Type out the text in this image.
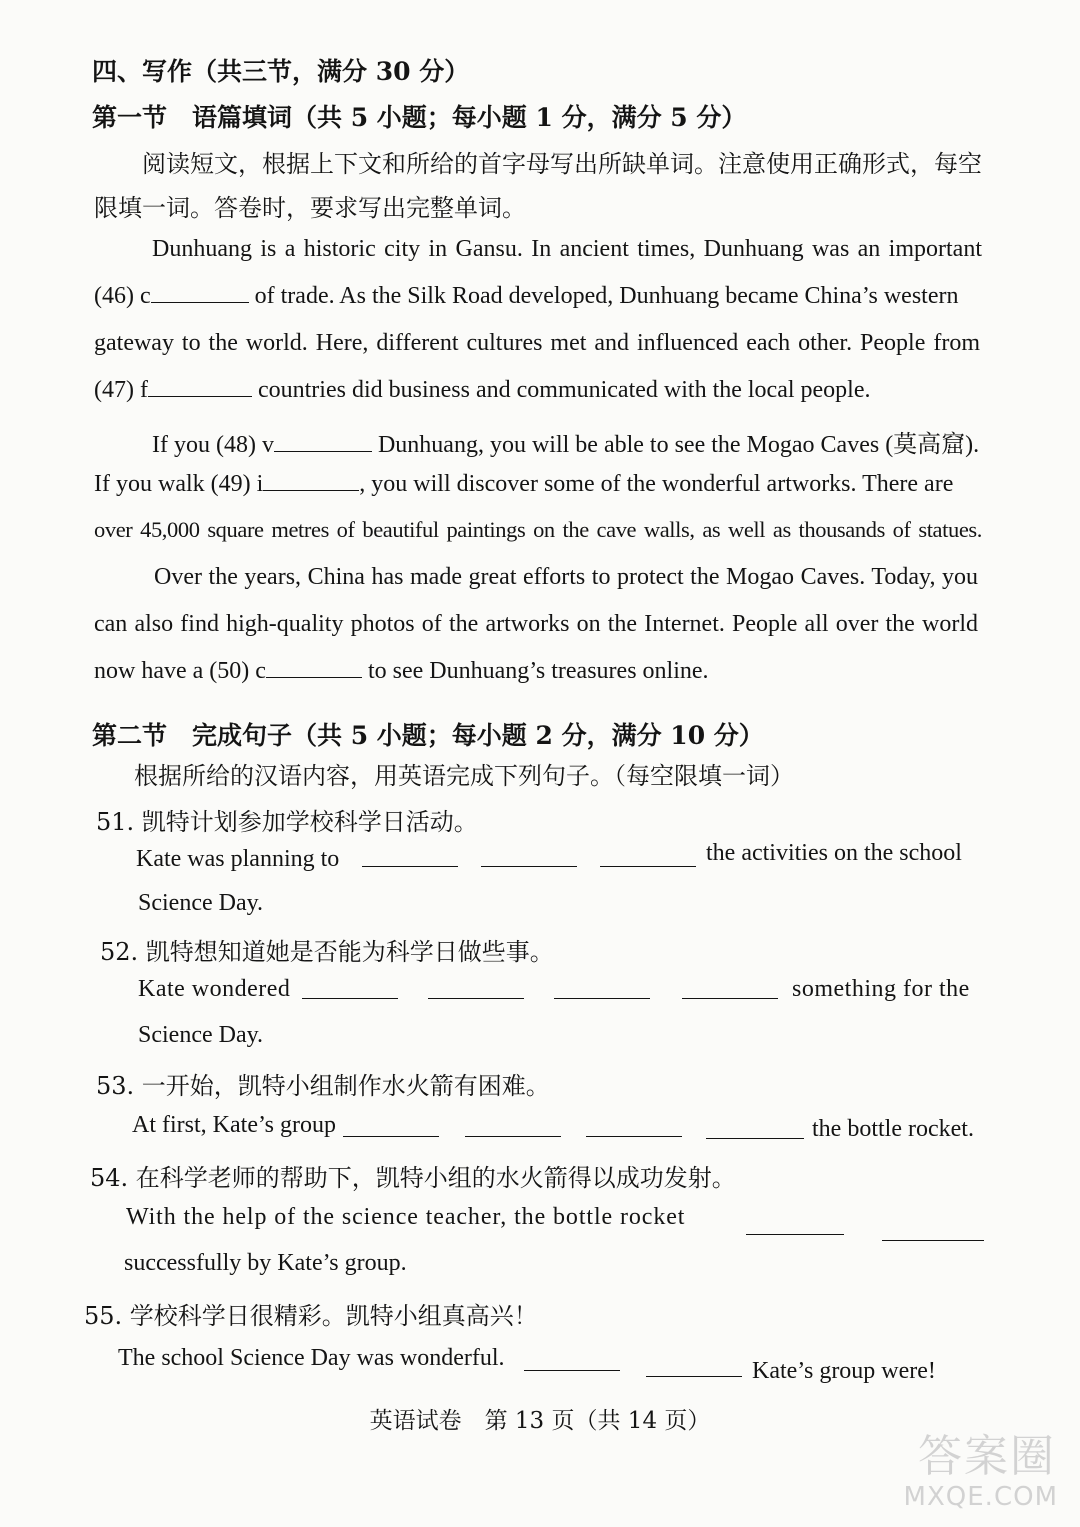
四、写作（共三节，满分 30 分）
第一节　语篇填词（共 5 小题；每小题 1 分，满分 5 分）
阅读短文，根据上下文和所给的首字母写出所缺单词。注意使用正确形式，每空
限填一词。答卷时，要求写出完整单词。
Dunhuang is a historic city in Gansu. In ancient times, Dunhuang was an important
(46) c	of trade. As the Silk Road developed, Dunhuang became China’s western
gateway to the world. Here, different cultures met and influenced each other. People from
(47) f	countries did business and communicated with the local people.
If you (48) v	Dunhuang, you will be able to see the Mogao Caves (莫高窟).
If you walk (49) i	, you will discover some of the wonderful artworks. There are
over 45,000 square metres of beautiful paintings on the cave walls, as well as thousands of statues.
Over the years, China has made great efforts to protect the Mogao Caves. Today, you
can also find high-quality photos of the artworks on the Internet. People all over the world
now have a (50) c	to see Dunhuang’s treasures online.
第二节　完成句子（共 5 小题；每小题 2 分，满分 10 分）
根据所给的汉语内容，用英语完成下列句子。（每空限填一词）
51. 凯特计划参加学校科学日活动。
Kate was planning to	the activities on the school
Science Day.
52. 凯特想知道她是否能为科学日做些事。
Kate wondered	something for the
Science Day.
53. 一开始，凯特小组制作水火箭有困难。
At first, Kate’s group	the bottle rocket.
54. 在科学老师的帮助下，凯特小组的水火箭得以成功发射。
With the help of the science teacher, the bottle rocket
successfully by Kate’s group.
55. 学校科学日很精彩。凯特小组真高兴！
The school Science Day was wonderful.	Kate’s group were!
英语试卷　第 13 页（共 14 页）
答案圈
MXQE.COM
